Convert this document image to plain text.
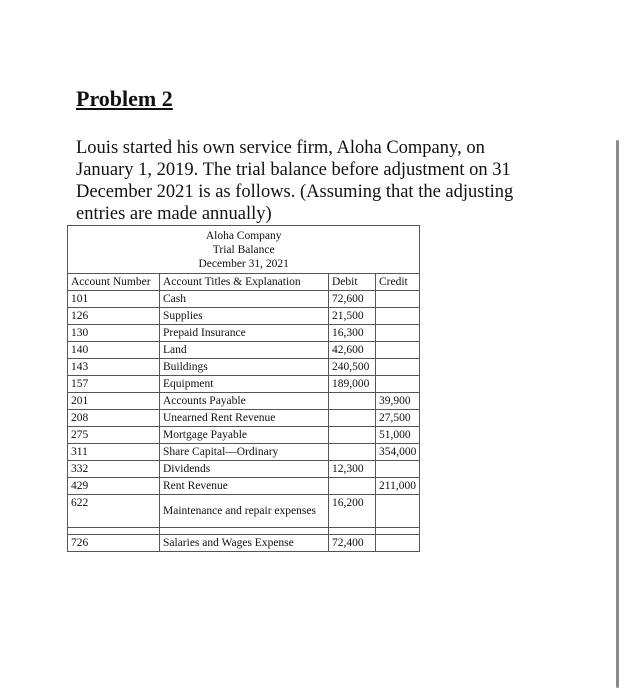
Problem 2

Louis started his own service firm, Aloha Company, on January 1, 2019. The trial balance before adjustment on 31 December 2021 is as follows. (Assuming that the adjusting entries are made annually)

Aloha Company
Trial Balance
December 31, 2021			

Account Number	Account Titles & Explanation	Debit	Credit
101	Cash	72,600	
126	Supplies	21,500	
130	Prepaid Insurance	16,300	
140	Land	42,600	
143	Buildings	240,500	
157	Equipment	189,000	
201	Accounts Payable		39,900
208	Unearned Rent Revenue		27,500
275	Mortgage Payable		51,000
311	Share Capital—Ordinary		354,000
332	Dividends	12,300	
429	Rent Revenue		211,000
622	Maintenance and repair expenses	16,200	

726	Salaries and Wages Expense	72,400	
